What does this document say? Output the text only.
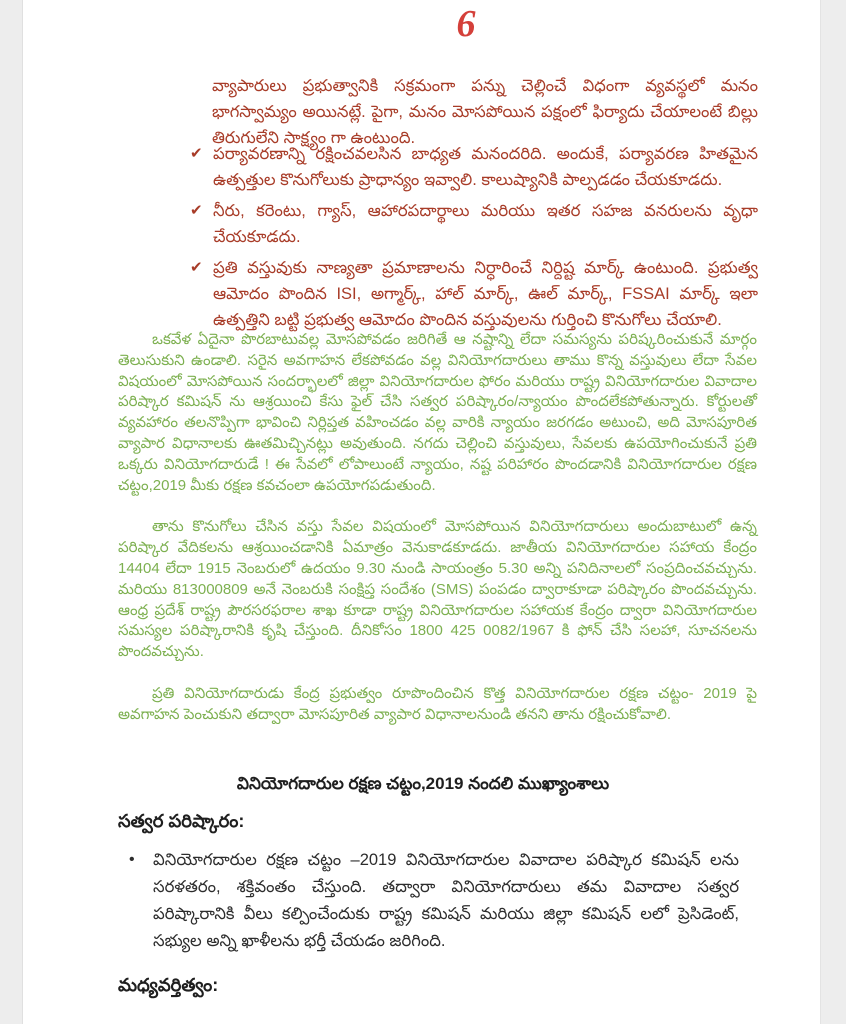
6

వ్యాపారులు ప్రభుత్వానికి సక్రమంగా పన్ను చెల్లించే విధంగా వ్యవస్థలో మనం భాగస్వామ్యం అయినట్లే. పైగా, మనం మోసపోయిన పక్షంలో ఫిర్యాదు చేయాలంటే బిల్లు తిరుగులేని సాక్ష్యం గా ఉంటుంది.

✔ పర్యావరణాన్ని రక్షించవలసిన బాధ్యత మనందరిది. అందుకే, పర్యావరణ హితమైన ఉత్పత్తుల కొనుగోలుకు ప్రాధాన్యం ఇవ్వాలి. కాలుష్యానికి పాల్పడడం చేయకూడదు.
✔ నీరు, కరెంటు, గ్యాస్, ఆహారపదార్థాలు మరియు ఇతర సహజ వనరులను వృధా చేయకూడదు.
✔ ప్రతి వస్తువుకు నాణ్యతా ప్రమాణాలను నిర్ధారించే నిర్దిష్ట మార్క్ ఉంటుంది. ప్రభుత్వ ఆమోదం పొందిన ISI, అగ్మార్క్, హాల్ మార్క్, ఊల్ మార్క్, FSSAI మార్క్ ఇలా ఉత్పత్తిని బట్టి ప్రభుత్వ ఆమోదం పొందిన వస్తువులను గుర్తించి కొనుగోలు చేయాలి.

ఒకవేళ ఏదైనా పొరబాటువల్ల మోసపోవడం జరిగితే ఆ నష్టాన్ని లేదా సమస్యను పరిష్కరించుకునే మార్గం తెలుసుకుని ఉండాలి. సరైన అవగాహన లేకపోవడం వల్ల వినియోగదారులు తాము కొన్న వస్తువులు లేదా సేవల విషయంలో మోసపోయిన సందర్భాలలో జిల్లా వినియోగదారుల ఫోరం మరియు రాష్ట్ర వినియోగదారుల వివాదాల పరిష్కార కమిషన్ ను ఆశ్రయించి కేసు ఫైల్ చేసి సత్వర పరిష్కారం/న్యాయం పొందలేకపోతున్నారు. కోర్టులతో వ్యవహారం తలనొప్పిగా భావించి నిర్లిప్తత వహించడం వల్ల వారికి న్యాయం జరగడం అటుంచి, అది మోసపూరిత వ్యాపార విధానాలకు ఊతమిచ్చినట్లు అవుతుంది. నగదు చెల్లించి వస్తువులు, సేవలకు ఉపయోగించుకునే ప్రతి ఒక్కరు వినియోగదారుడే ! ఈ సేవలో లోపాలుంటే న్యాయం, నష్ట పరిహారం పొందడానికి వినియోగదారుల రక్షణ చట్టం,2019 మీకు రక్షణ కవచంలా ఉపయోగపడుతుంది.

తాను కొనుగోలు చేసిన వస్తు సేవల విషయంలో మోసపోయిన వినియోగదారులు అందుబాటులో ఉన్న పరిష్కార వేదికలను ఆశ్రయించడానికి ఏమాత్రం వెనుకాడకూడదు. జాతీయ వినియోగదారుల సహాయ కేంద్రం 14404 లేదా 1915 నెంబరులో ఉదయం 9.30 నుండి సాయంత్రం 5.30 అన్ని పనిదినాలలో సంప్రదించవచ్చును. మరియు 813000809 అనే నెంబరుకి సంక్షిప్త సందేశం (SMS) పంపడం ద్వారాకూడా పరిష్కారం పొందవచ్చును. ఆంధ్ర ప్రదేశ్ రాష్ట్ర పౌరసరఫరాల శాఖ కూడా రాష్ట్ర వినియోగదారుల సహాయక కేంద్రం ద్వారా వినియోగదారుల సమస్యల పరిష్కారానికి కృషి చేస్తుంది. దీనికోసం 1800 425 0082/1967 కి ఫోన్ చేసి సలహా, సూచనలను పొందవచ్చును.

ప్రతి వినియోగదారుడు కేంద్ర ప్రభుత్వం రూపొందించిన కొత్త వినియోగదారుల రక్షణ చట్టం- 2019 పై అవగాహన పెంచుకుని తద్వారా మోసపూరిత వ్యాపార విధానాలనుండి తనని తాను రక్షించుకోవాలి.

వినియోగదారుల రక్షణ చట్టం,2019 నందలి ముఖ్యాంశాలు
సత్వర పరిష్కారం:
• వినియోగదారుల రక్షణ చట్టం –2019 వినియోగదారుల వివాదాల పరిష్కార కమిషన్ లను సరళతరం, శక్తివంతం చేస్తుంది. తద్వారా వినియోగదారులు తమ వివాదాల సత్వర పరిష్కారానికి వీలు కల్పించేందుకు రాష్ట్ర కమిషన్ మరియు జిల్లా కమిషన్ లలో ప్రెసిడెంట్, సభ్యుల అన్ని ఖాళీలను భర్తీ చేయడం జరిగింది.
మధ్యవర్తిత్వం:
